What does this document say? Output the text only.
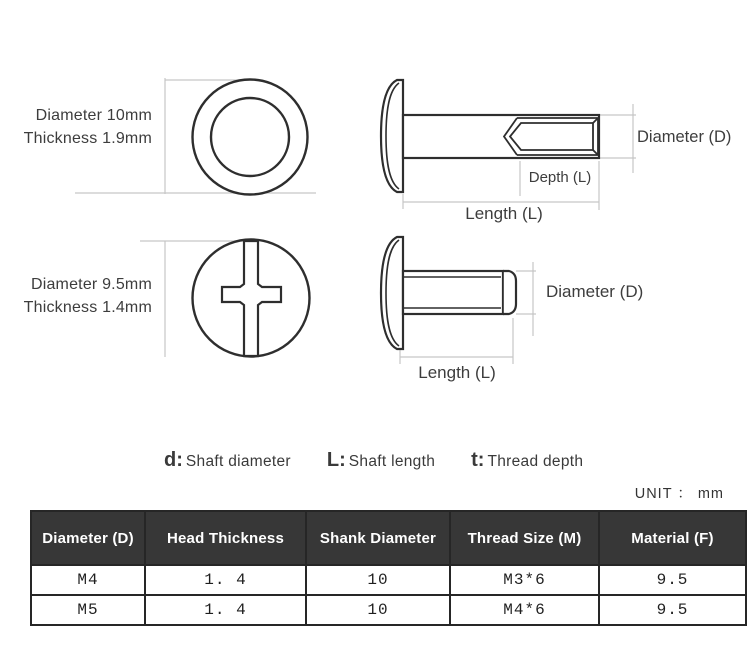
Diameter 10mm
Thickness 1.9mm
Depth (L)
Diameter (D)
Length (L)
Diameter 9.5mm
Thickness 1.4mm
Diameter (D)
Length (L)
d: Shaft diameter L: Shaft length t: Thread depth
UNIT ： mm
Diameter (D)	Head Thickness	Shank Diameter	Thread Size (M)	Material (F)
M4	1. 4	10	M3*6	9.5
M5	1. 4	10	M4*6	9.5
